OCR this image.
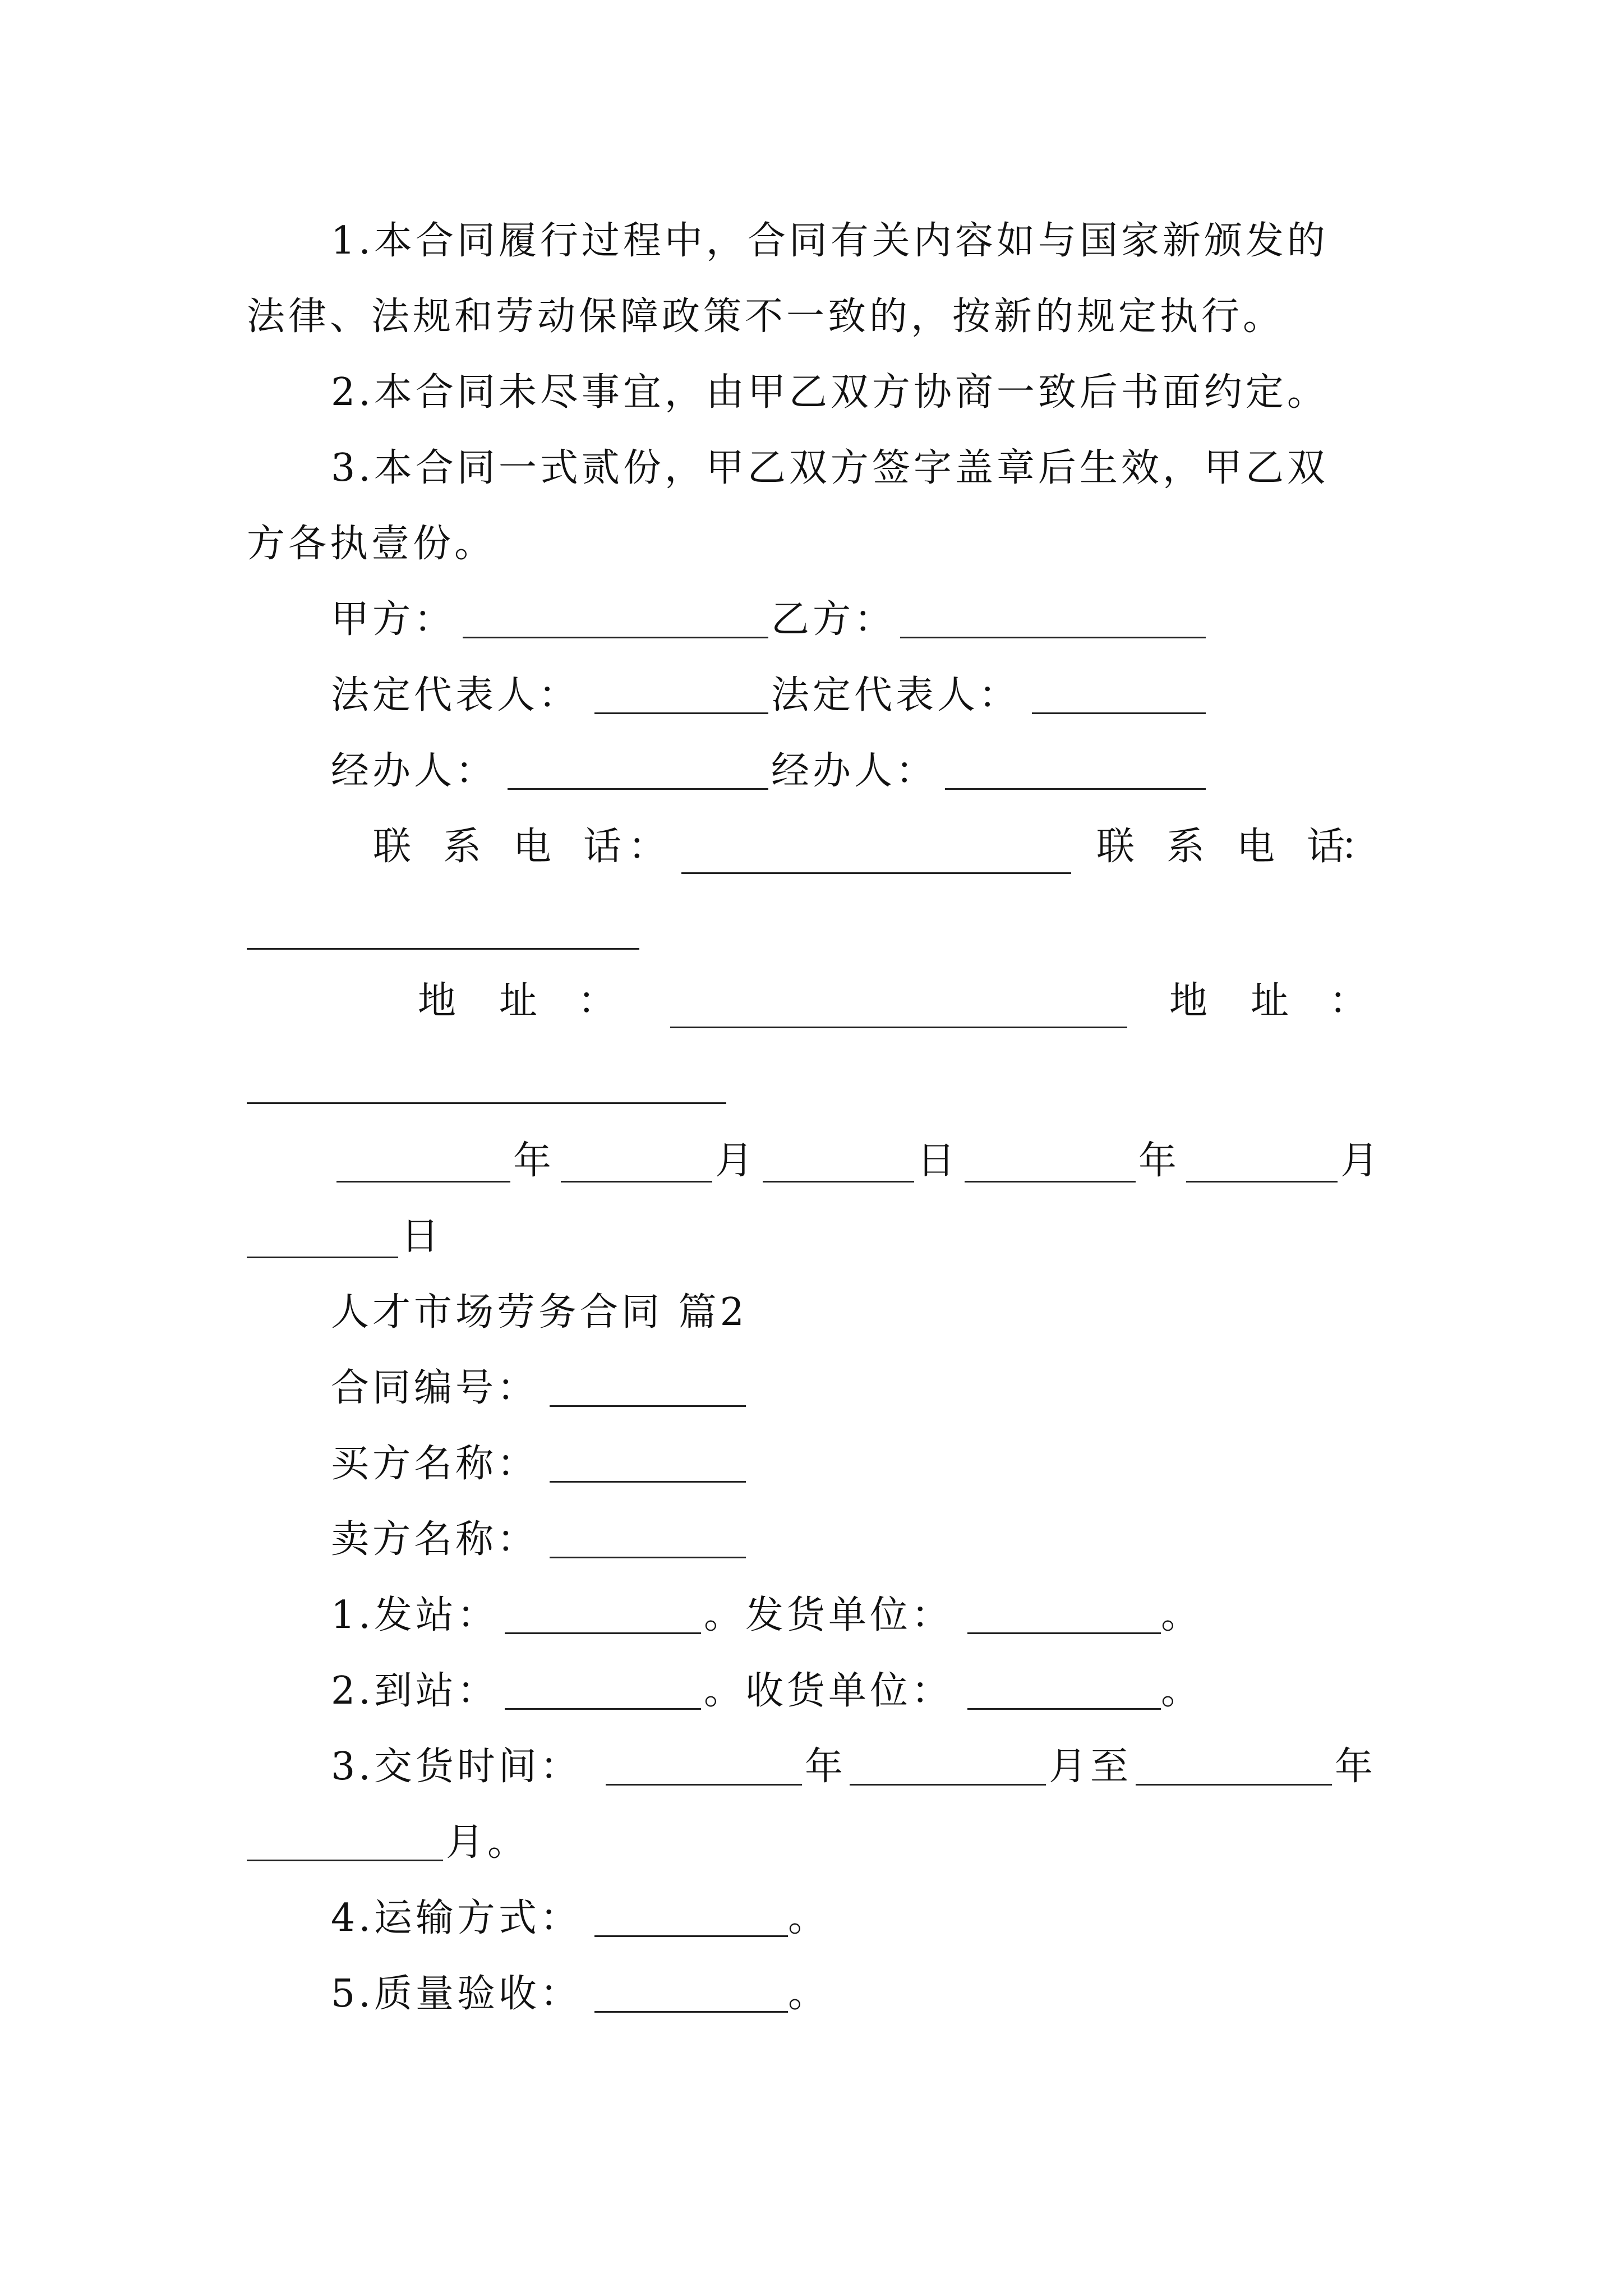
1.本合同履行过程中，合同有关内容如与国家新颁发的
法律、法规和劳动保障政策不一致的，按新的规定执行。
2.本合同未尽事宜，由甲乙双方协商一致后书面约定。
3.本合同一式贰份，甲乙双方签字盖章后生效，甲乙双
方各执壹份。
甲方：	乙方：
法定代表人：	法定代表人：
经办人：	经办人：
联 系 电 话 ：	联 系 电 话
：
地 址 ：	地 址 ：
年	月	日	年	月
日
人才市场劳务合同 篇2
合同编号：
买方名称：
卖方名称：
1.发站：	。发货单位：	。
2.到站：	。收货单位：	。
3.交货时间：	年	月至	年
月。
4.运输方式：	。
5.质量验收：	。
